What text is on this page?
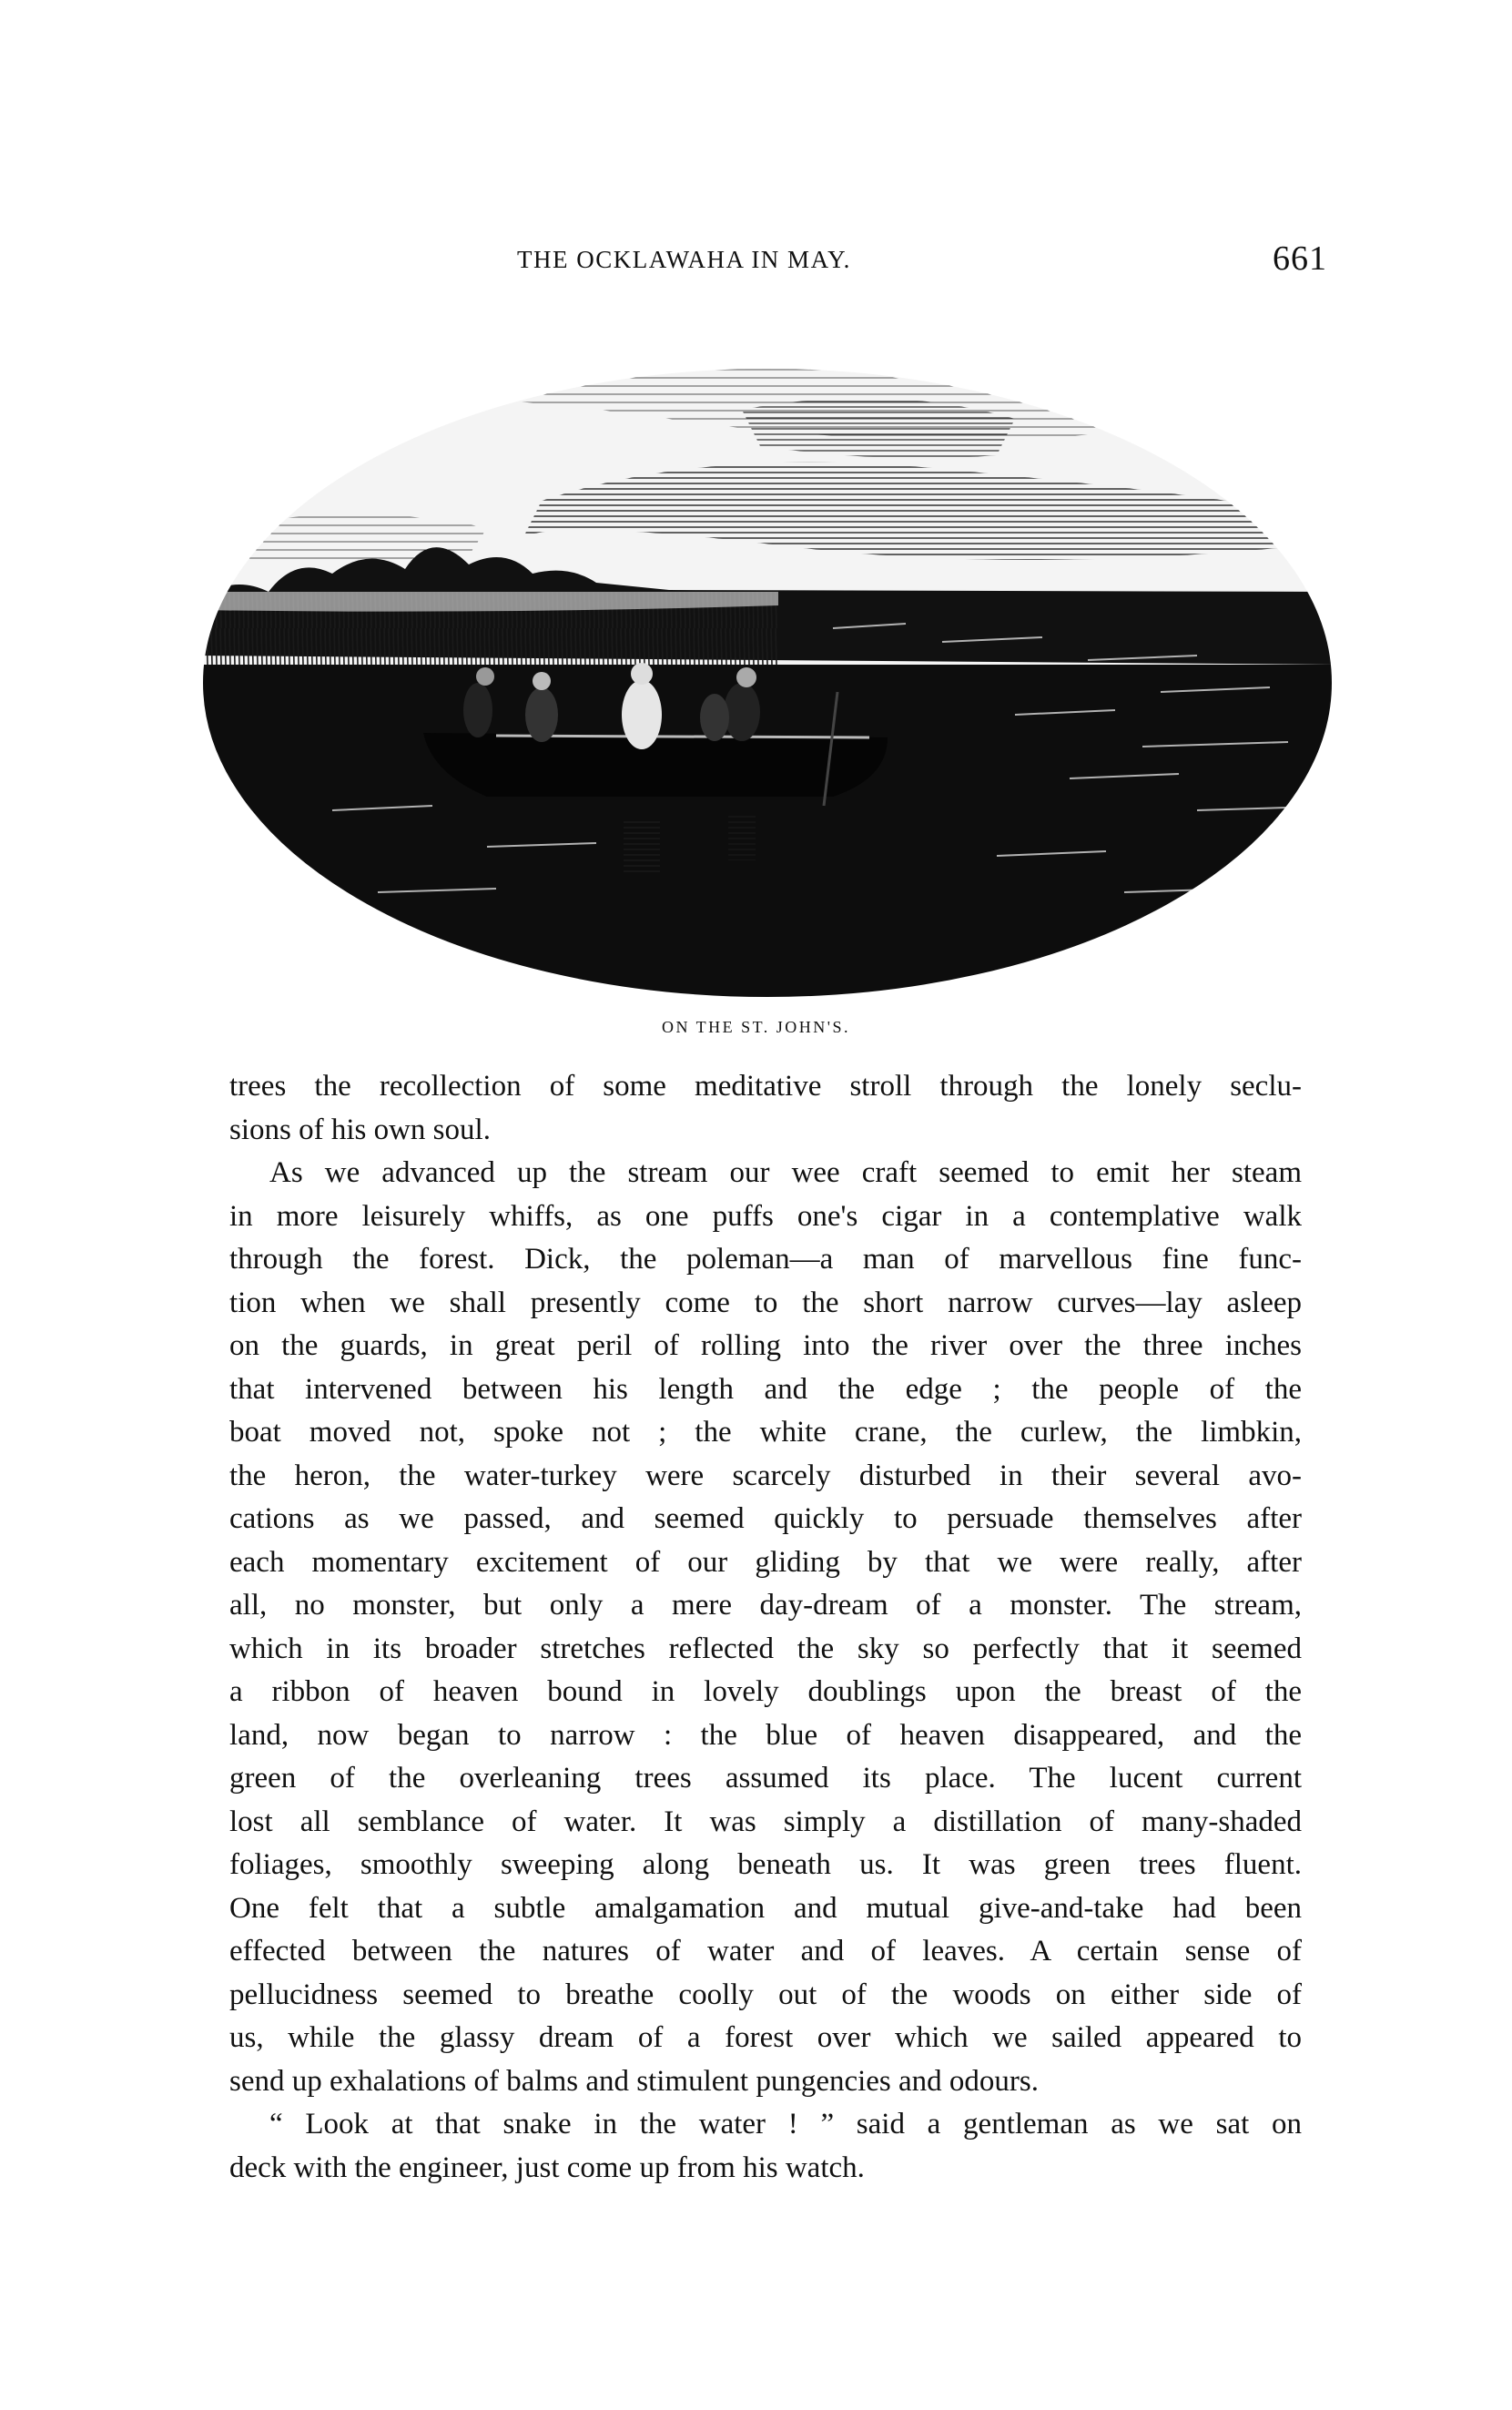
THE OCKLAWAHA IN MAY.	661
ON THE ST. JOHN'S.

trees the recollection of some meditative stroll through the lonely seclu-
sions of his own soul.

As we advanced up the stream our wee craft seemed to emit her steam
in more leisurely whiffs, as one puffs one's cigar in a contemplative walk
through the forest. Dick, the poleman—a man of marvellous fine func-
tion when we shall presently come to the short narrow curves—lay asleep
on the guards, in great peril of rolling into the river over the three inches
that intervened between his length and the edge ; the people of the
boat moved not, spoke not ; the white crane, the curlew, the limbkin,
the heron, the water-turkey were scarcely disturbed in their several avo-
cations as we passed, and seemed quickly to persuade themselves after
each momentary excitement of our gliding by that we were really, after
all, no monster, but only a mere day-dream of a monster. The stream,
which in its broader stretches reflected the sky so perfectly that it seemed
a ribbon of heaven bound in lovely doublings upon the breast of the
land, now began to narrow : the blue of heaven disappeared, and the
green of the overleaning trees assumed its place. The lucent current
lost all semblance of water. It was simply a distillation of many-shaded
foliages, smoothly sweeping along beneath us. It was green trees fluent.
One felt that a subtle amalgamation and mutual give-and-take had been
effected between the natures of water and of leaves. A certain sense of
pellucidness seemed to breathe coolly out of the woods on either side of
us, while the glassy dream of a forest over which we sailed appeared to
send up exhalations of balms and stimulent pungencies and odours.

“ Look at that snake in the water ! ” said a gentleman as we sat on
deck with the engineer, just come up from his watch.
